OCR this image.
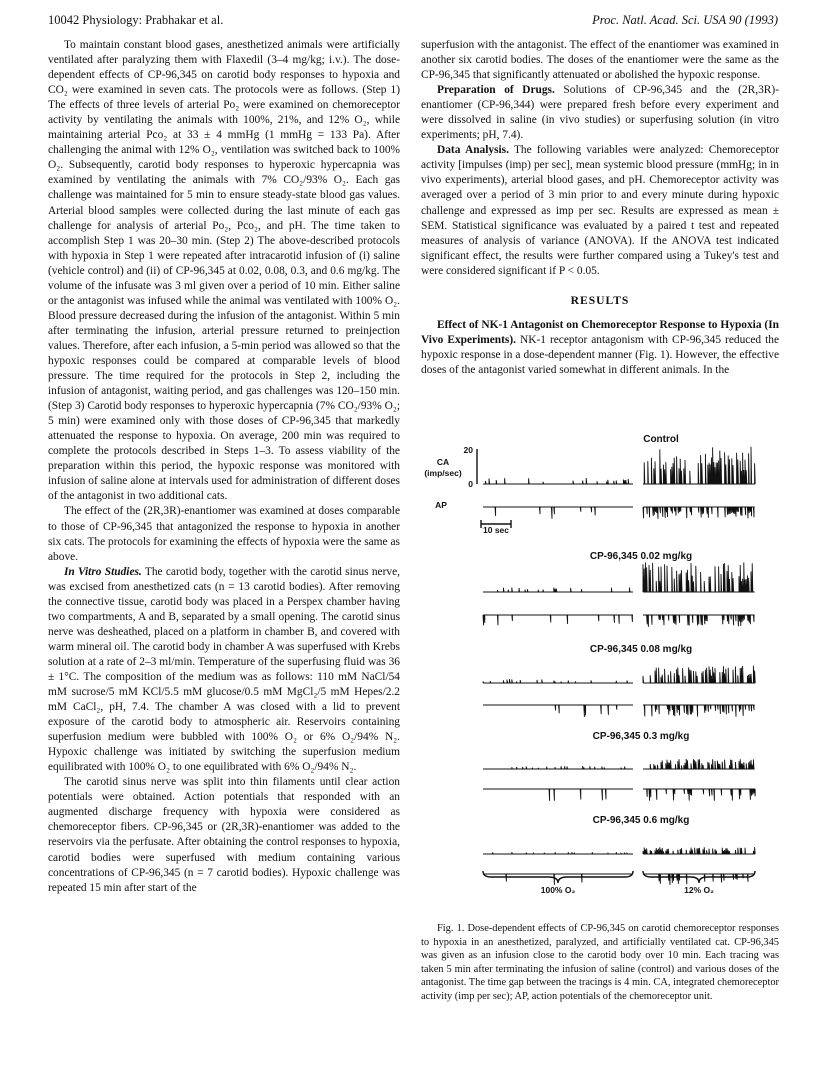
10042 Physiology: Prabhakar et al.	Proc. Natl. Acad. Sci. USA 90 (1993)

To maintain constant blood gases, anesthetized animals were artificially ventilated after paralyzing them with Flaxedil (3–4 mg/kg; i.v.). The dose-dependent effects of CP-96,345 on carotid body responses to hypoxia and CO₂ were examined in seven cats. The protocols were as follows. (Step 1) The effects of three levels of arterial Po₂ were examined on chemoreceptor activity by ventilating the animals with 100%, 21%, and 12% O₂, while maintaining arterial Pco₂ at 33 ± 4 mmHg (1 mmHg = 133 Pa). After challenging the animal with 12% O₂, ventilation was switched back to 100% O₂. Subsequently, carotid body responses to hyperoxic hypercapnia was examined by ventilating the animals with 7% CO₂/93% O₂. Each gas challenge was maintained for 5 min to ensure steady-state blood gas values. Arterial blood samples were collected during the last minute of each gas challenge for analysis of arterial Po₂, Pco₂, and pH. The time taken to accomplish Step 1 was 20–30 min. (Step 2) The above-described protocols with hypoxia in Step 1 were repeated after intracarotid infusion of (i) saline (vehicle control) and (ii) of CP-96,345 at 0.02, 0.08, 0.3, and 0.6 mg/kg. The volume of the infusate was 3 ml given over a period of 10 min. Either saline or the antagonist was infused while the animal was ventilated with 100% O₂. Blood pressure decreased during the infusion of the antagonist. Within 5 min after terminating the infusion, arterial pressure returned to preinjection values. Therefore, after each infusion, a 5-min period was allowed so that the hypoxic responses could be compared at comparable levels of blood pressure. The time required for the protocols in Step 2, including the infusion of antagonist, waiting period, and gas challenges was 120–150 min. (Step 3) Carotid body responses to hyperoxic hypercapnia (7% CO₂/93% O₂; 5 min) were examined only with those doses of CP-96,345 that markedly attenuated the response to hypoxia. On average, 200 min was required to complete the protocols described in Steps 1–3. To assess viability of the preparation within this period, the hypoxic response was monitored with infusion of saline alone at intervals used for administration of different doses of the antagonist in two additional cats.

The effect of the (2R,3R)-enantiomer was examined at doses comparable to those of CP-96,345 that antagonized the response to hypoxia in another six cats. The protocols for examining the effects of hypoxia were the same as above.

In Vitro Studies. The carotid body, together with the carotid sinus nerve, was excised from anesthetized cats (n = 13 carotid bodies). After removing the connective tissue, carotid body was placed in a Perspex chamber having two compartments, A and B, separated by a small opening. The carotid sinus nerve was desheathed, placed on a platform in chamber B, and covered with warm mineral oil. The carotid body in chamber A was superfused with Krebs solution at a rate of 2–3 ml/min. Temperature of the superfusing fluid was 36 ± 1°C. The composition of the medium was as follows: 110 mM NaCl/54 mM sucrose/5 mM KCl/5.5 mM glucose/0.5 mM MgCl₂/5 mM Hepes/2.2 mM CaCl₂, pH, 7.4. The chamber A was closed with a lid to prevent exposure of the carotid body to atmospheric air. Reservoirs containing superfusion medium were bubbled with 100% O₂ or 6% O₂/94% N₂. Hypoxic challenge was initiated by switching the superfusion medium equilibrated with 100% O₂ to one equilibrated with 6% O₂/94% N₂.

The carotid sinus nerve was split into thin filaments until clear action potentials were obtained. Action potentials that responded with an augmented discharge frequency with hypoxia were considered as chemoreceptor fibers. CP-96,345 or (2R,3R)-enantiomer was added to the reservoirs via the perfusate. After obtaining the control responses to hypoxia, carotid bodies were superfused with medium containing various concentrations of CP-96,345 (n = 7 carotid bodies). Hypoxic challenge was repeated 15 min after start of the

superfusion with the antagonist. The effect of the enantiomer was examined in another six carotid bodies. The doses of the enantiomer were the same as the CP-96,345 that significantly attenuated or abolished the hypoxic response.

Preparation of Drugs. Solutions of CP-96,345 and the (2R,3R)-enantiomer (CP-96,344) were prepared fresh before every experiment and were dissolved in saline (in vivo studies) or superfusing solution (in vitro experiments; pH, 7.4).

Data Analysis. The following variables were analyzed: Chemoreceptor activity [impulses (imp) per sec], mean systemic blood pressure (mmHg; in in vivo experiments), arterial blood gases, and pH. Chemoreceptor activity was averaged over a period of 3 min prior to and every minute during hypoxic challenge and expressed as imp per sec. Results are expressed as mean ± SEM. Statistical significance was evaluated by a paired t test and repeated measures of analysis of variance (ANOVA). If the ANOVA test indicated significant effect, the results were further compared using a Tukey's test and were considered significant if P < 0.05.

RESULTS

Effect of NK-1 Antagonist on Chemoreceptor Response to Hypoxia (In Vivo Experiments). NK-1 receptor antagonism with CP-96,345 reduced the hypoxic response in a dose-dependent manner (Fig. 1). However, the effective doses of the antagonist varied somewhat in different animals. In the

Control
CP-96,345 0.02 mg/kg
CP-96,345 0.08 mg/kg
CP-96,345 0.3 mg/kg
CP-96,345 0.6 mg/kg
CA
(imp/sec)
20
0
AP
10 sec
100% O₂	12% O₂

Fig. 1. Dose-dependent effects of CP-96,345 on carotid chemoreceptor responses to hypoxia in an anesthetized, paralyzed, and artificially ventilated cat. CP-96,345 was given as an infusion close to the carotid body over 10 min. Each tracing was taken 5 min after terminating the infusion of saline (control) and various doses of the antagonist. The time gap between the tracings is 4 min. CA, integrated chemoreceptor activity (imp per sec); AP, action potentials of the chemoreceptor unit.
